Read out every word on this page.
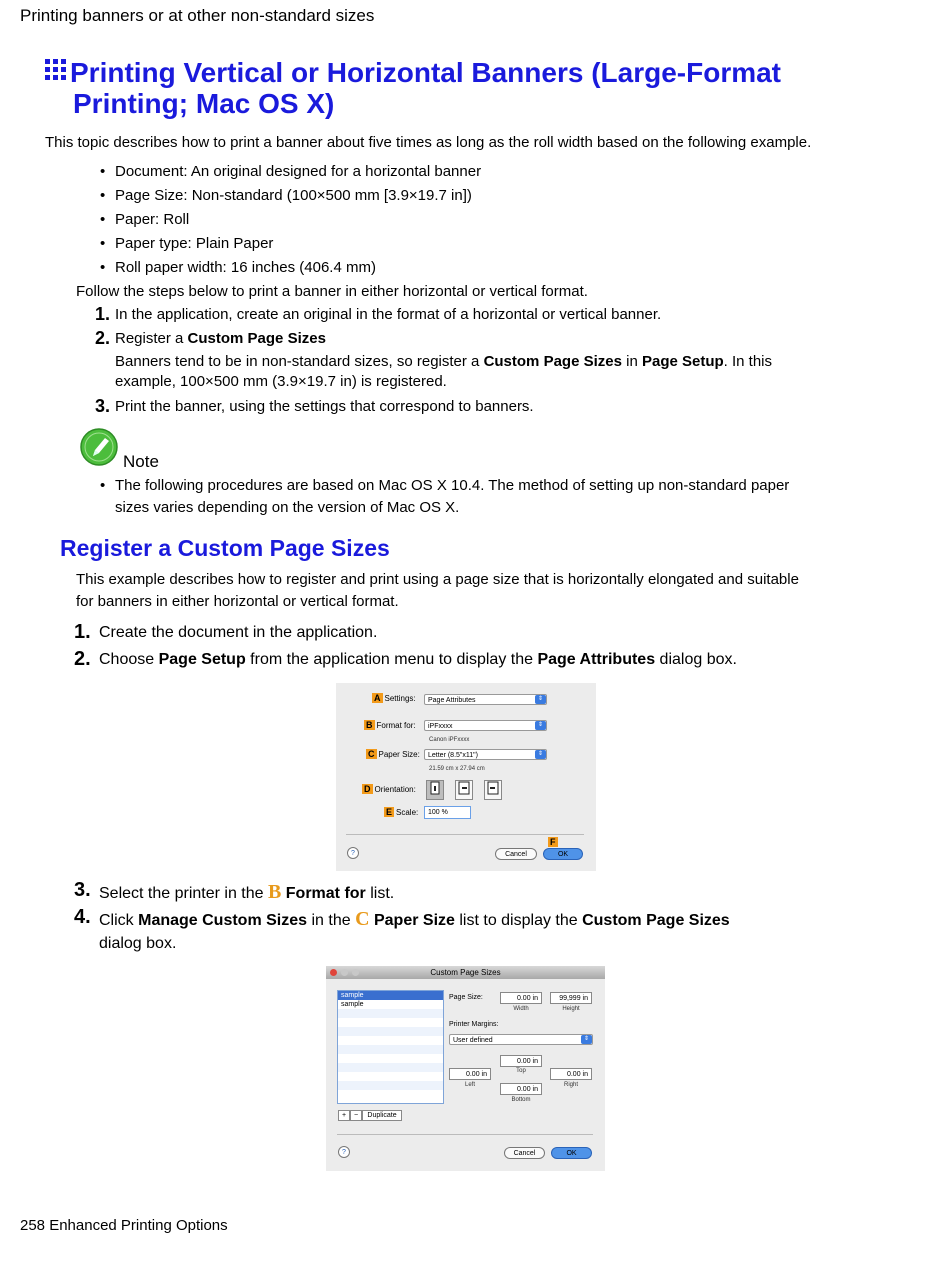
Printing banners or at other non-standard sizes
Printing Vertical or Horizontal Banners (Large-Format
Printing; Mac OS X)
This topic describes how to print a banner about five times as long as the roll width based on the following example.
• Document: An original designed for a horizontal banner
• Page Size: Non-standard (100×500 mm [3.9×19.7 in])
• Paper: Roll
• Paper type: Plain Paper
• Roll paper width: 16 inches (406.4 mm)
Follow the steps below to print a banner in either horizontal or vertical format.
1. In the application, create an original in the format of a horizontal or vertical banner.
2. Register a Custom Page Sizes
Banners tend to be in non-standard sizes, so register a Custom Page Sizes in Page Setup. In this
example, 100×500 mm (3.9×19.7 in) is registered.
3. Print the banner, using the settings that correspond to banners.
Note
• The following procedures are based on Mac OS X 10.4. The method of setting up non-standard paper
sizes varies depending on the version of Mac OS X.
Register a Custom Page Sizes
This example describes how to register and print using a page size that is horizontally elongated and suitable
for banners in either horizontal or vertical format.
1. Create the document in the application.
2. Choose Page Setup from the application menu to display the Page Attributes dialog box.
A Settings:	Page Attributes	⇕
B Format for:	iPFxxxx	⇕
Canon iPFxxxx
C Paper Size:	Letter (8.5"x11")	⇕
21.59 cm x 27.94 cm
D Orientation:
E Scale:	100 %
F
?	Cancel	OK
3. Select the printer in the B Format for list.
4. Click Manage Custom Sizes in the C Paper Size list to display the Custom Page Sizes
dialog box.
Custom Page Sizes
sample
sample
+	−	Duplicate
Page Size:	0.00 in	99,999 in
Width	Height
Printer Margins:
User defined	⇕
0.00 in
Top
0.00 in
Left
0.00 in
Right
0.00 in
Bottom
?	Cancel	OK
258 Enhanced Printing Options
